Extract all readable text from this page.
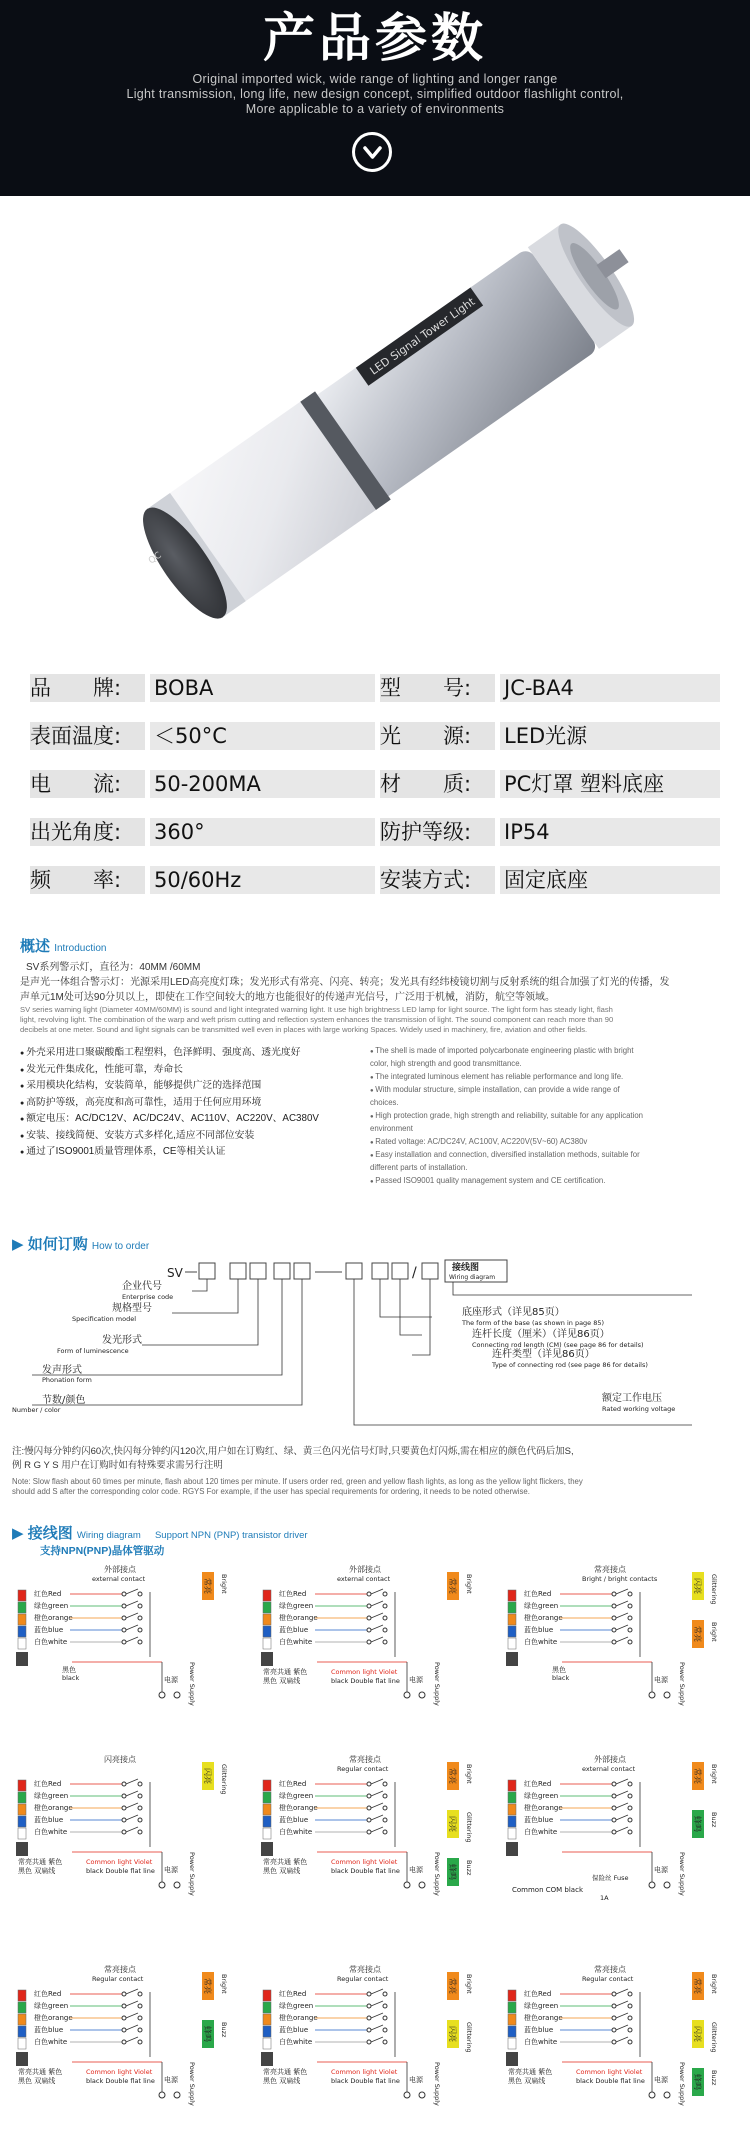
产品参数
Original imported wick, wide range of lighting and longer range
Light transmission, long life, new design concept, simplified outdoor flashlight control,
More applicable to a variety of environments
LED Signal Tower Light
QC
品　　牌:	BOBA	型　　号:	JC-BA4
表面温度:	＜50°C	光　　源:	LED光源
电　　流:	50-200MA	材　　质:	PC灯罩 塑料底座
出光角度:	360°	防护等级:	IP54
频　　率:	50/60Hz	安装方式:	固定底座
概述 Introduction
SV系列警示灯，直径为：40MM /60MM
是声光一体组合警示灯：光源采用LED高亮度灯珠；发光形式有常亮、闪亮、转亮；发光具有经纬棱镜切割与反射系统的组合加强了灯光的传播，发
声单元1M处可达90分贝以上，即使在工作空间较大的地方也能很好的传递声光信号，广泛用于机械，消防，航空等领域。
SV series warning light (Diameter 40MM/60MM) is sound and light integrated warning light. It use high brightness LED lamp for light source. The light form has steady light, flash
light, revolving light. The combination of the warp and weft prism cutting and reflection system enhances the transmission of light. The sound component can reach more than 90
decibels at one meter. Sound and light signals can be transmitted well even in places with large working Spaces. Widely used in machinery, fire, aviation and other fields.
● 外壳采用进口聚碳酸酯工程塑料，色泽鲜明、强度高、透光度好
● 发光元件集成化，性能可靠，寿命长
● 采用模块化结构，安装简单，能够提供广泛的选择范围
● 高防护等级，高亮度和高可靠性，适用于任何应用环境
● 额定电压：AC/DC12V、AC/DC24V、AC110V、AC220V、AC380V
● 安装、接线简便、安装方式多样化,适应不同部位安装
● 通过了ISO9001质量管理体系，CE等相关认证
● The shell is made of imported polycarbonate engineering plastic with bright
color, high strength and good transmittance.
● The integrated luminous element has reliable performance and long life.
● With modular structure, simple installation, can provide a wide range of
choices.
● High protection grade, high strength and reliability, suitable for any application
environment
● Rated voltage: AC/DC24V, AC100V, AC220V(5V~60) AC380v
● Easy installation and connection, diversified installation methods, suitable for
different parts of installation.
● Passed ISO9001 quality management system and CE certification.
▶ 如何订购 How to order
SV	/	接线图
Wiring diagram
企业代号
Enterprise code
规格型号
Specification model
发光形式
Form of luminescence
发声形式
Phonation form
节数/颜色
Number / color
底座形式（详见85页）
The form of the base (as shown in page 85)
连杆长度（厘米）（详见86页）
Connecting rod length (CM) (see page 86 for details)
连杆类型（详见86页）
Type of connecting rod (see page 86 for details)
额定工作电压
Rated working voltage
注:慢闪每分钟约闪60次,快闪每分钟约闪120次,用户如在订购红、绿、黄三色闪光信号灯时,只要黄色灯闪烁,需在相应的颜色代码后加S,
例 R G Y S 用户在订购时如有特殊要求需另行注明
Note: Slow flash about 60 times per minute, flash about 120 times per minute. If users order red, green and yellow flash lights, as long as the yellow light flickers, they
should add S after the corresponding color code. RGYS For example, if the user has special requirements for ordering, it needs to be noted otherwise.
▶ 接线图 Wiring diagram Support NPN (PNP) transistor driver
支持NPN(PNP)晶体管驱动
外部接点
external contact
红色Red
绿色green
橙色orange
蓝色blue
白色white
黑色
black	电源 Power Supply
常亮 Bright
外部接点
external contact
红色Red
绿色green
橙色orange
蓝色blue
白色white
常亮共通 紫色
黑色 双扁线
Common light Violet
black Double flat line 电源 Power Supply
常亮 Bright
常亮接点
Bright / bright contacts
红色Red
绿色green
橙色orange
蓝色blue
白色white
黑色
black	电源 Power Supply
闪亮 Glittering
常亮 Bright
闪亮接点
红色Red
绿色green
橙色orange
蓝色blue
白色white
常亮共通 紫色
黑色 双扁线
Common light Violet
black Double flat line 电源 Power Supply
闪亮 Glittering
常亮接点
Regular contact
红色Red
绿色green
橙色orange
蓝色blue
白色white
常亮共通 紫色
黑色 双扁线
Common light Violet
black Double flat line 电源 Power Supply
常亮 Bright
闪亮 Glittering
蜂鸣 Buzz
外部接点
external contact
红色Red
绿色green
橙色orange
蓝色blue
白色white
Common COM black
保险丝 Fuse
1A
电源 Power Supply
常亮 Bright
蜂鸣 Buzz
常亮接点
Regular contact
红色Red
绿色green
橙色orange
蓝色blue
白色white
常亮共通 紫色
黑色 双扁线
Common light Violet
black Double flat line 电源 Power Supply
常亮 Bright
蜂鸣 Buzz
常亮接点
Regular contact
红色Red
绿色green
橙色orange
蓝色blue
白色white
常亮共通 紫色
黑色 双扁线
Common light Violet
black Double flat line 电源 Power Supply
常亮 Bright
闪亮 Glittering
常亮接点
Regular contact
红色Red
绿色green
橙色orange
蓝色blue
白色white
常亮共通 紫色
黑色 双扁线
Common light Violet
black Double flat line 电源 Power Supply
常亮 Bright
闪亮 Glittering
蜂鸣 Buzz
